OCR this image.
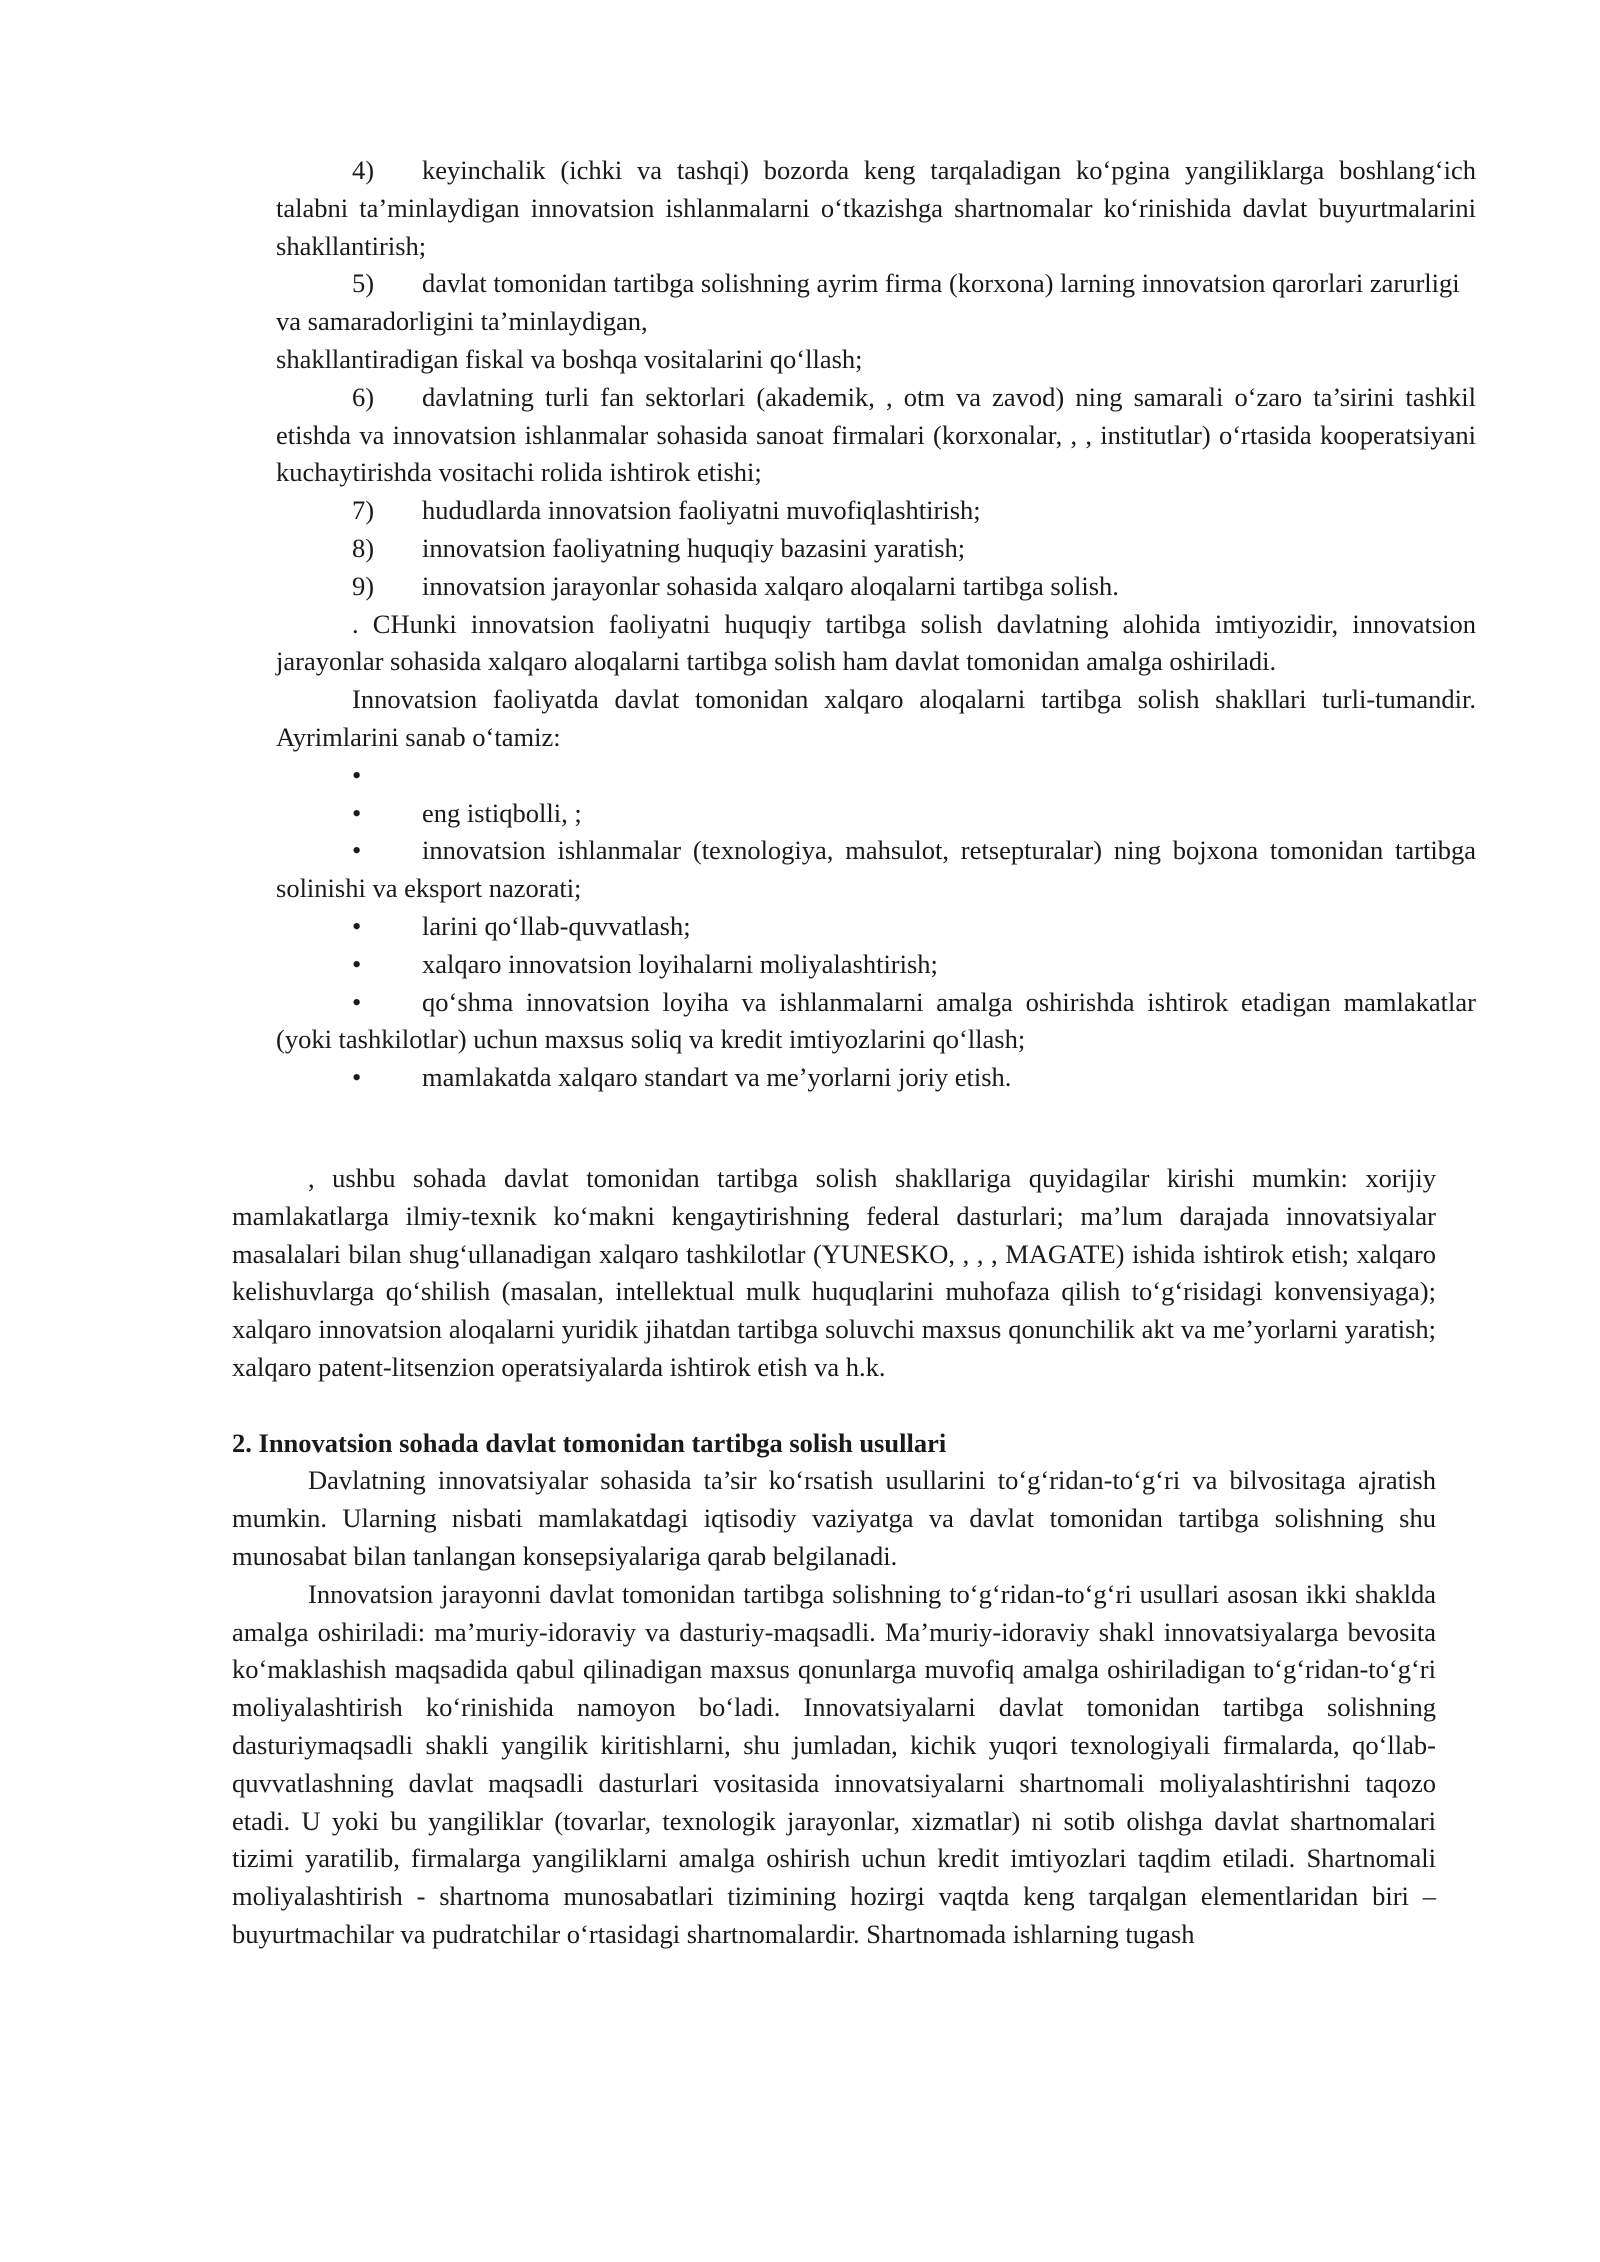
4) keyinchalik (ichki va tashqi) bozorda keng tarqaladigan ko‘pgina yangiliklarga boshlang‘ich talabni ta’minlaydigan innovatsion ishlanmalarni o‘tkazishga shartnomalar ko‘rinishida davlat buyurtmalarini shakllantirish;

5) davlat tomonidan tartibga solishning ayrim firma (korxona) larning innovatsion qarorlari zarurligi va samaradorligini ta’minlaydigan,

shakllantiradigan fiskal va boshqa vositalarini qo‘llash;

6) davlatning turli fan sektorlari (akademik, , otm va zavod) ning samarali o‘zaro ta’sirini tashkil etishda va innovatsion ishlanmalar sohasida sanoat firmalari (korxonalar, , , institutlar) o‘rtasida kooperatsiyani kuchaytirishda vositachi rolida ishtirok etishi;

7) hududlarda innovatsion faoliyatni muvofiqlashtirish;

8) innovatsion faoliyatning huquqiy bazasini yaratish;

9) innovatsion jarayonlar sohasida xalqaro aloqalarni tartibga solish.

. CHunki innovatsion faoliyatni huquqiy tartibga solish davlatning alohida imtiyozidir, innovatsion jarayonlar sohasida xalqaro aloqalarni tartibga solish ham davlat tomonidan amalga oshiriladi.

Innovatsion faoliyatda davlat tomonidan xalqaro aloqalarni tartibga solish shakllari turli-tumandir. Ayrimlarini sanab o‘tamiz:

•

• eng istiqbolli, ;

• innovatsion ishlanmalar (texnologiya, mahsulot, retsepturalar) ning bojxona tomonidan tartibga solinishi va eksport nazorati;

• larini qo‘llab-quvvatlash;

• xalqaro innovatsion loyihalarni moliyalashtirish;

• qo‘shma innovatsion loyiha va ishlanmalarni amalga oshirishda ishtirok etadigan mamlakatlar (yoki tashkilotlar) uchun maxsus soliq va kredit imtiyozlarini qo‘llash;

• mamlakatda xalqaro standart va me’yorlarni joriy etish.

, ushbu sohada davlat tomonidan tartibga solish shakllariga quyidagilar kirishi mumkin: xorijiy mamlakatlarga ilmiy-texnik ko‘makni kengaytirishning federal dasturlari; ma’lum darajada innovatsiyalar masalalari bilan shug‘ullanadigan xalqaro tashkilotlar (YUNESKO, , , , MAGATE) ishida ishtirok etish; xalqaro kelishuvlarga qo‘shilish (masalan, intellektual mulk huquqlarini muhofaza qilish to‘g‘risidagi konvensiyaga); xalqaro innovatsion aloqalarni yuridik jihatdan tartibga soluvchi maxsus qonunchilik akt va me’yorlarni yaratish; xalqaro patent-litsenzion operatsiyalarda ishtirok etish va h.k.

2. Innovatsion sohada davlat tomonidan tartibga solish usullari

Davlatning innovatsiyalar sohasida ta’sir ko‘rsatish usullarini to‘g‘ridan-to‘g‘ri va bilvositaga ajratish mumkin. Ularning nisbati mamlakatdagi iqtisodiy vaziyatga va davlat tomonidan tartibga solishning shu munosabat bilan tanlangan konsepsiyalariga qarab belgilanadi.

Innovatsion jarayonni davlat tomonidan tartibga solishning to‘g‘ridan-to‘g‘ri usullari asosan ikki shaklda amalga oshiriladi: ma’muriy-idoraviy va dasturiy-maqsadli. Ma’muriy-idoraviy shakl innovatsiyalarga bevosita ko‘maklashish maqsadida qabul qilinadigan maxsus qonunlarga muvofiq amalga oshiriladigan to‘g‘ridan-to‘g‘ri moliyalashtirish ko‘rinishida namoyon bo‘ladi. Innovatsiyalarni davlat tomonidan tartibga solishning dasturiymaqsadli shakli yangilik kiritishlarni, shu jumladan, kichik yuqori texnologiyali firmalarda, qo‘llab-quvvatlashning davlat maqsadli dasturlari vositasida innovatsiyalarni shartnomali moliyalashtirishni taqozo etadi. U yoki bu yangiliklar (tovarlar, texnologik jarayonlar, xizmatlar) ni sotib olishga davlat shartnomalari tizimi yaratilib, firmalarga yangiliklarni amalga oshirish uchun kredit imtiyozlari taqdim etiladi. Shartnomali moliyalashtirish - shartnoma munosabatlari tizimining hozirgi vaqtda keng tarqalgan elementlaridan biri – buyurtmachilar va pudratchilar o‘rtasidagi shartnomalardir. Shartnomada ishlarning tugash
